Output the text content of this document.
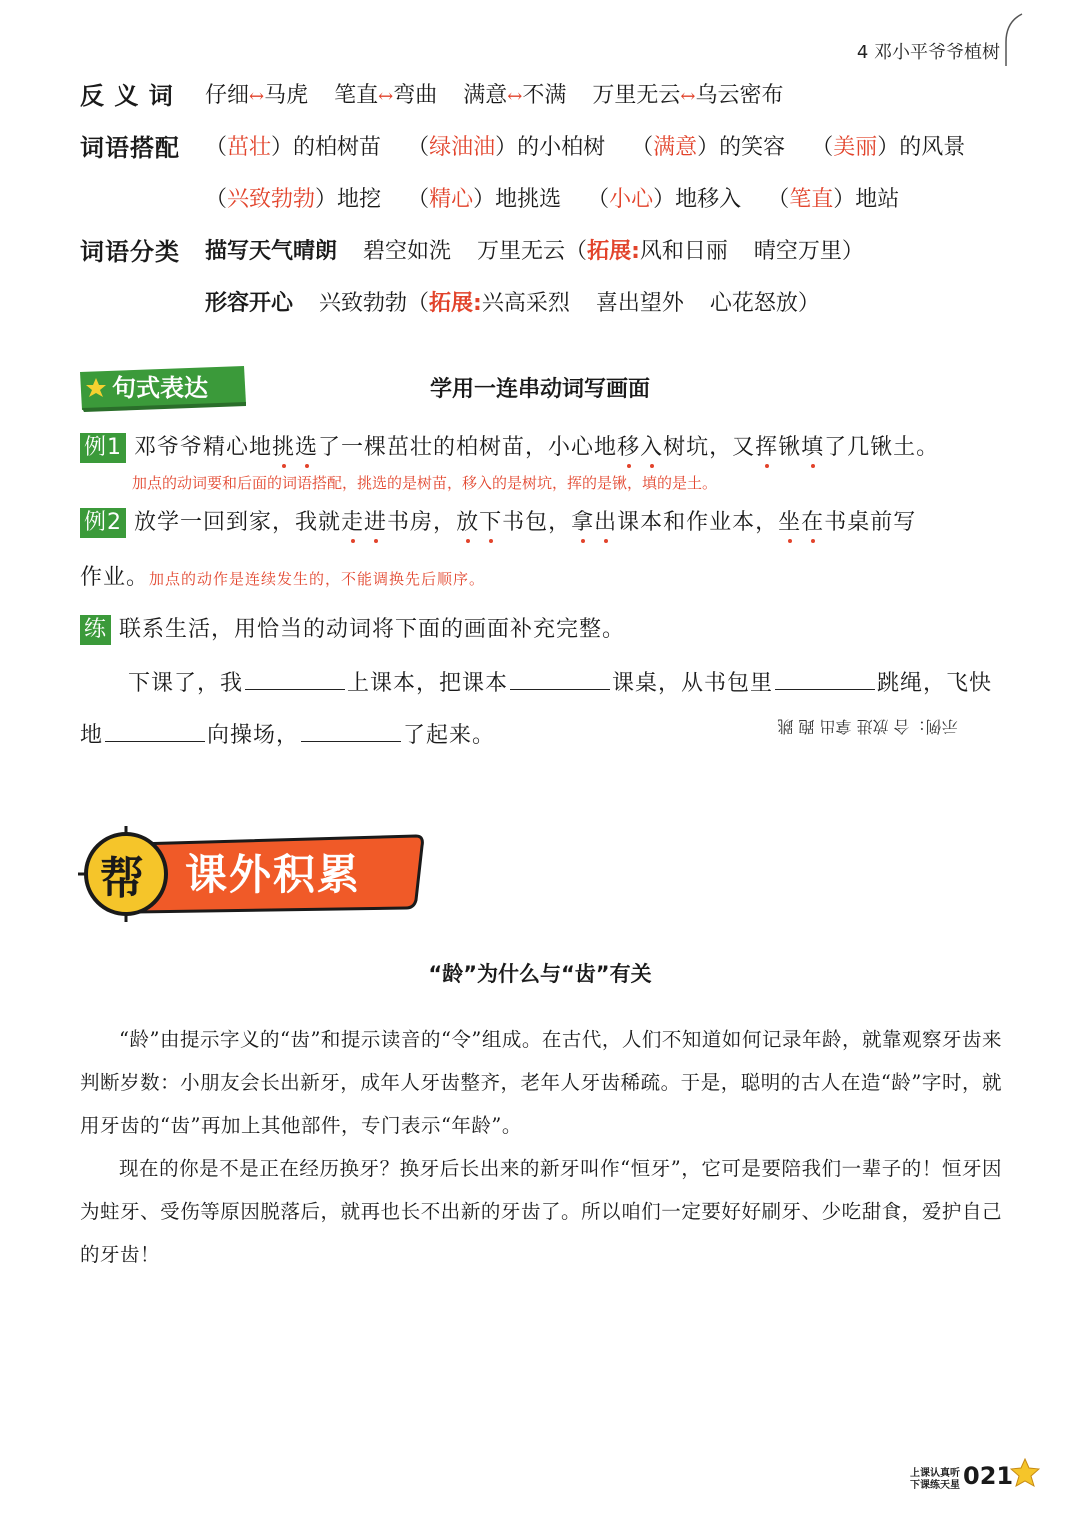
4 邓小平爷爷植树
反 义 词 仔细↔马虎 笔直↔弯曲 满意↔不满 万里无云↔乌云密布
词语搭配 （茁壮）的柏树苗 （绿油油）的小柏树 （满意）的笑容 （美丽）的风景
（兴致勃勃）地挖 （精心）地挑选 （小心）地移入 （笔直）地站
词语分类 描写天气晴朗 碧空如洗 万里无云（拓展:风和日丽 晴空万里）
形容开心 兴致勃勃（拓展:兴高采烈 喜出望外 心花怒放）
句式表达	学用一连串动词写画面
例1 邓爷爷精心地挑选了一棵茁壮的柏树苗，小心地移入树坑，又挥锹填了几锹土。
加点的动词要和后面的词语搭配，挑选的是树苗，移入的是树坑，挥的是锹，填的是土。
例2 放学一回到家，我就走进书房，放下书包，拿出课本和作业本，坐在书桌前写
作业。加点的动作是连续发生的，不能调换先后顺序。
练 联系生活，用恰当的动词将下面的画面补充完整。
下课了，我	上课本，把课本	课桌，从书包里	跳绳，飞快
地	向操场，	了起来。	示例：合 放进 拿出 跑 跳
帮 课外积累
“龄”为什么与“齿”有关
“龄”由提示字义的“齿”和提示读音的“令”组成。在古代，人们不知道如何记录年龄，就靠观察牙齿来判断岁数：小朋友会长出新牙，成年人牙齿整齐，老年人牙齿稀疏。于是，聪明的古人在造“龄”字时，就用牙齿的“齿”再加上其他部件，专门表示“年龄”。
现在的你是不是正在经历换牙？换牙后长出来的新牙叫作“恒牙”，它可是要陪我们一辈子的！恒牙因为蛀牙、受伤等原因脱落后，就再也长不出新的牙齿了。所以咱们一定要好好刷牙、少吃甜食，爱护自己的牙齿！
上课认真听
下课练天星 021
